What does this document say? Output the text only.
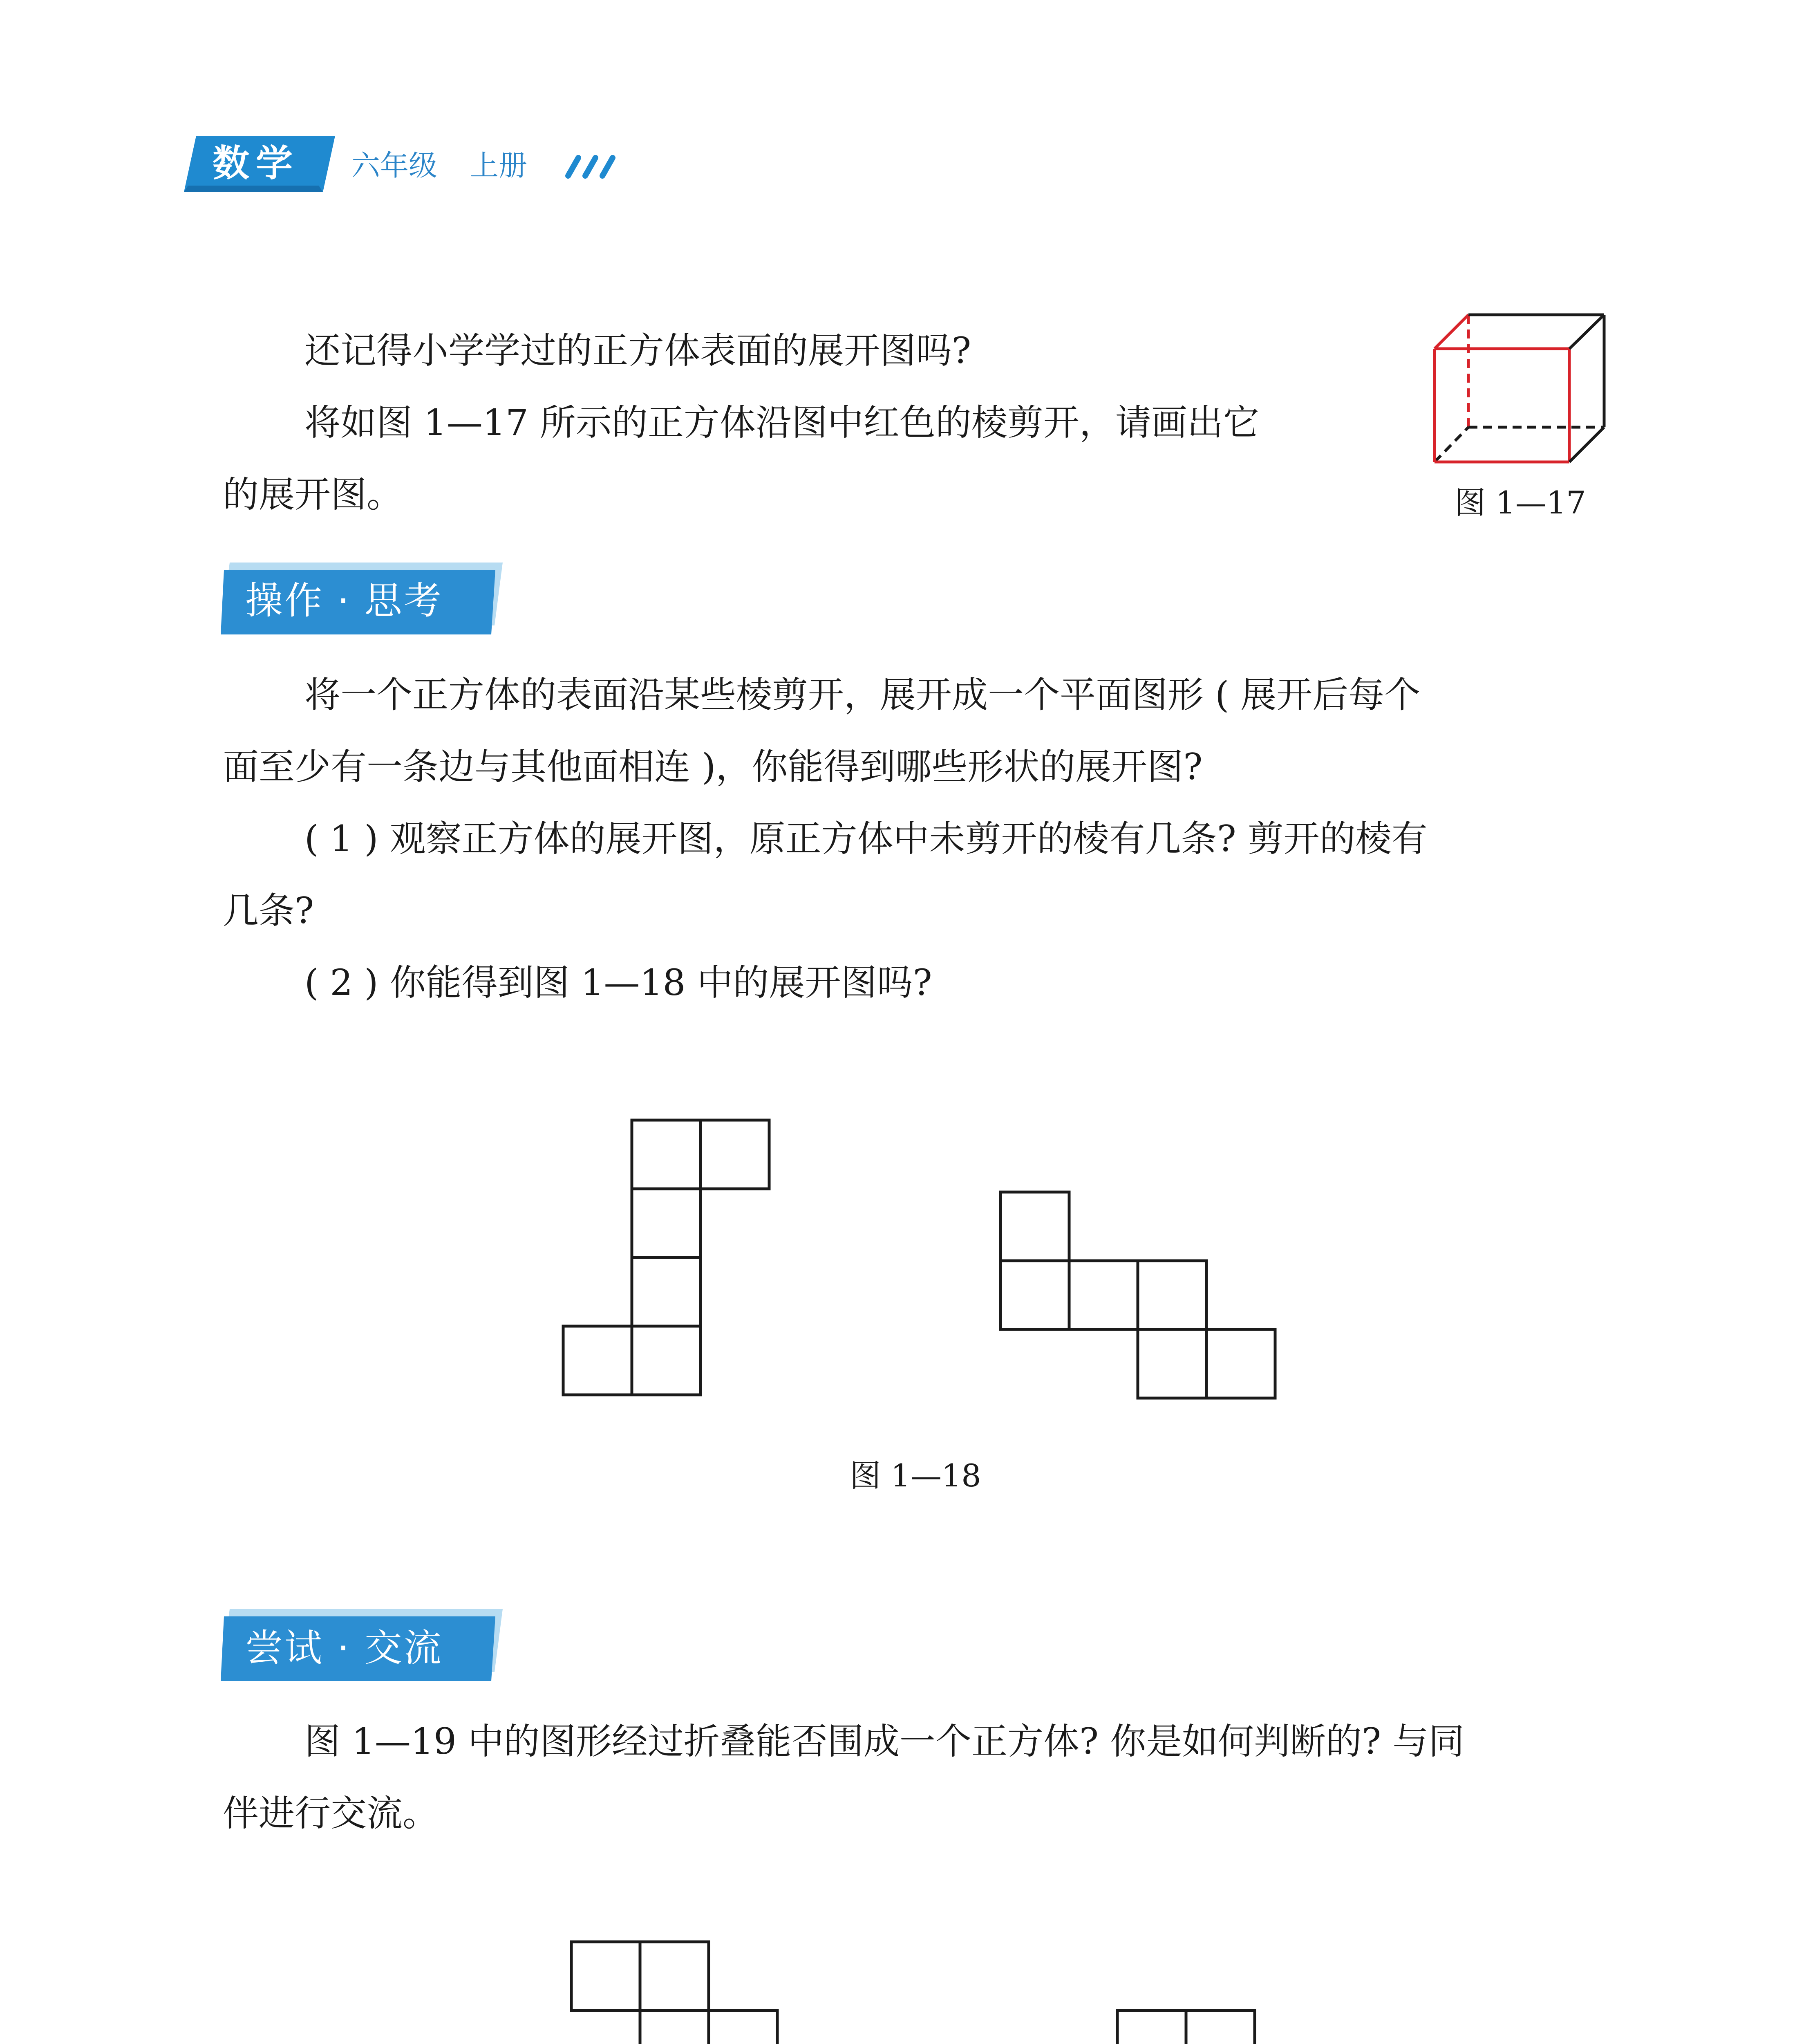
数学 六年级 上册
还记得小学学过的正方体表面的展开图吗?
将如图 1—17 所示的正方体沿图中红色的棱剪开，请画出它
的展开图。	图 1—17
操作 · 思考
将一个正方体的表面沿某些棱剪开，展开成一个平面图形 ( 展开后每个
面至少有一条边与其他面相连 )，你能得到哪些形状的展开图?
( 1 ) 观察正方体的展开图，原正方体中未剪开的棱有几条? 剪开的棱有
几条?
( 2 ) 你能得到图 1—18 中的展开图吗?
图 1—18
尝试 · 交流
图 1—19 中的图形经过折叠能否围成一个正方体? 你是如何判断的? 与同
伴进行交流。
